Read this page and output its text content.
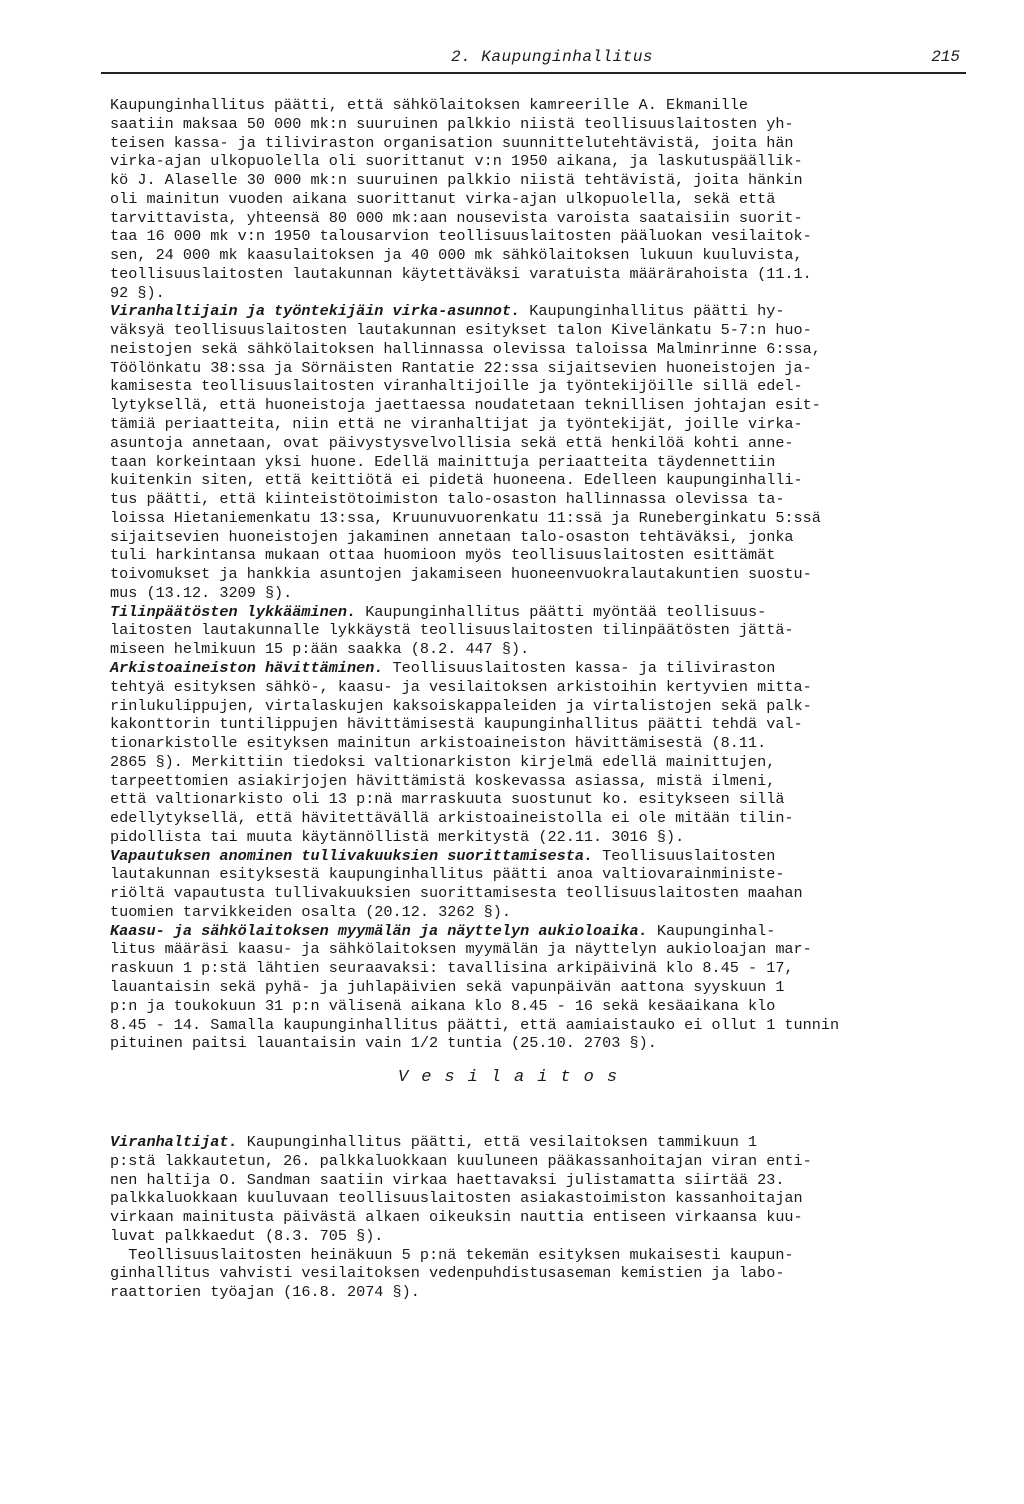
2. Kaupunginhallitus	215
Kaupunginhallitus päätti, että sähkölaitoksen kamreerille A. Ekmanille
saatiin maksaa 50 000 mk:n suuruinen palkkio niistä teollisuuslaitosten yh-
teisen kassa- ja tiliviraston organisation suunnittelutehtävistä, joita hän
virka-ajan ulkopuolella oli suorittanut v:n 1950 aikana, ja laskutuspäällik-
kö J. Alaselle 30 000 mk:n suuruinen palkkio niistä tehtävistä, joita hänkin
oli mainitun vuoden aikana suorittanut virka-ajan ulkopuolella, sekä että
tarvittavista, yhteensä 80 000 mk:aan nousevista varoista saataisiin suorit-
taa 16 000 mk v:n 1950 talousarvion teollisuuslaitosten pääluokan vesilaitok-
sen, 24 000 mk kaasulaitoksen ja 40 000 mk sähkölaitoksen lukuun kuuluvista,
teollisuuslaitosten lautakunnan käytettäväksi varatuista määrärahoista (11.1.
92 §).
Viranhaltijain ja työntekijäin virka-asunnot. Kaupunginhallitus päätti hy-
väksyä teollisuuslaitosten lautakunnan esitykset talon Kivelänkatu 5-7:n huo-
neistojen sekä sähkölaitoksen hallinnassa olevissa taloissa Malminrinne 6:ssa,
Töölönkatu 38:ssa ja Sörnäisten Rantatie 22:ssa sijaitsevien huoneistojen ja-
kamisesta teollisuuslaitosten viranhaltijoille ja työntekijöille sillä edel-
lytyksellä, että huoneistoja jaettaessa noudatetaan teknillisen johtajan esit-
tämiä periaatteita, niin että ne viranhaltijat ja työntekijät, joille virka-
asuntoja annetaan, ovat päivystysvelvollisia sekä että henkilöä kohti anne-
taan korkeintaan yksi huone. Edellä mainittuja periaatteita täydennettiin
kuitenkin siten, että keittiötä ei pidetä huoneena. Edelleen kaupunginhalli-
tus päätti, että kiinteistötoimiston talo-osaston hallinnassa olevissa ta-
loissa Hietaniemenkatu 13:ssa, Kruunuvuorenkatu 11:ssä ja Runeberginkatu 5:ssä
sijaitsevien huoneistojen jakaminen annetaan talo-osaston tehtäväksi, jonka
tuli harkintansa mukaan ottaa huomioon myös teollisuuslaitosten esittämät
toivomukset ja hankkia asuntojen jakamiseen huoneenvuokralautakuntien suostu-
mus (13.12. 3209 §).
Tilinpäätösten lykkääminen. Kaupunginhallitus päätti myöntää teollisuus-
laitosten lautakunnalle lykkäystä teollisuuslaitosten tilinpäätösten jättä-
miseen helmikuun 15 p:ään saakka (8.2. 447 §).
Arkistoaineiston hävittäminen. Teollisuuslaitosten kassa- ja tiliviraston
tehtyä esityksen sähkö-, kaasu- ja vesilaitoksen arkistoihin kertyvien mitta-
rinlukulippujen, virtalaskujen kaksoiskappaleiden ja virtalistojen sekä palk-
kakonttorin tuntilippujen hävittämisestä kaupunginhallitus päätti tehdä val-
tionarkistolle esityksen mainitun arkistoaineiston hävittämisestä (8.11.
2865 §). Merkittiin tiedoksi valtionarkiston kirjelmä edellä mainittujen,
tarpeettomien asiakirjojen hävittämistä koskevassa asiassa, mistä ilmeni,
että valtionarkisto oli 13 p:nä marraskuuta suostunut ko. esitykseen sillä
edellytyksellä, että hävitettävällä arkistoaineistolla ei ole mitään tilin-
pidollista tai muuta käytännöllistä merkitystä (22.11. 3016 §).
Vapautuksen anominen tullivakuuksien suorittamisesta. Teollisuuslaitosten
lautakunnan esityksestä kaupunginhallitus päätti anoa valtiovarainministe-
riöltä vapautusta tullivakuuksien suorittamisesta teollisuuslaitosten maahan
tuomien tarvikkeiden osalta (20.12. 3262 §).
Kaasu- ja sähkölaitoksen myymälän ja näyttelyn aukioloaika. Kaupunginhal-
litus määräsi kaasu- ja sähkölaitoksen myymälän ja näyttelyn aukioloajan mar-
raskuun 1 p:stä lähtien seuraavaksi: tavallisina arkipäivinä klo 8.45 - 17,
lauantaisin sekä pyhä- ja juhlapäivien sekä vapunpäivän aattona syyskuun 1
p:n ja toukokuun 31 p:n välisenä aikana klo 8.45 - 16 sekä kesäaikana klo
8.45 - 14. Samalla kaupunginhallitus päätti, että aamiaistauko ei ollut 1 tunnin
pituinen paitsi lauantaisin vain 1/2 tuntia (25.10. 2703 §).
Vesilaitos
Viranhaltijat. Kaupunginhallitus päätti, että vesilaitoksen tammikuun 1
p:stä lakkautetun, 26. palkkaluokkaan kuuluneen pääkassanhoitajan viran enti-
nen haltija O. Sandman saatiin virkaa haettavaksi julistamatta siirtää 23.
palkkaluokkaan kuuluvaan teollisuuslaitosten asiakastoimiston kassanhoitajan
virkaan mainitusta päivästä alkaen oikeuksin nauttia entiseen virkaansa kuu-
luvat palkkaedut (8.3. 705 §).
Teollisuuslaitosten heinäkuun 5 p:nä tekemän esityksen mukaisesti kaupun-
ginhallitus vahvisti vesilaitoksen vedenpuhdistusaseman kemistien ja labo-
raattorien työajan (16.8. 2074 §).
